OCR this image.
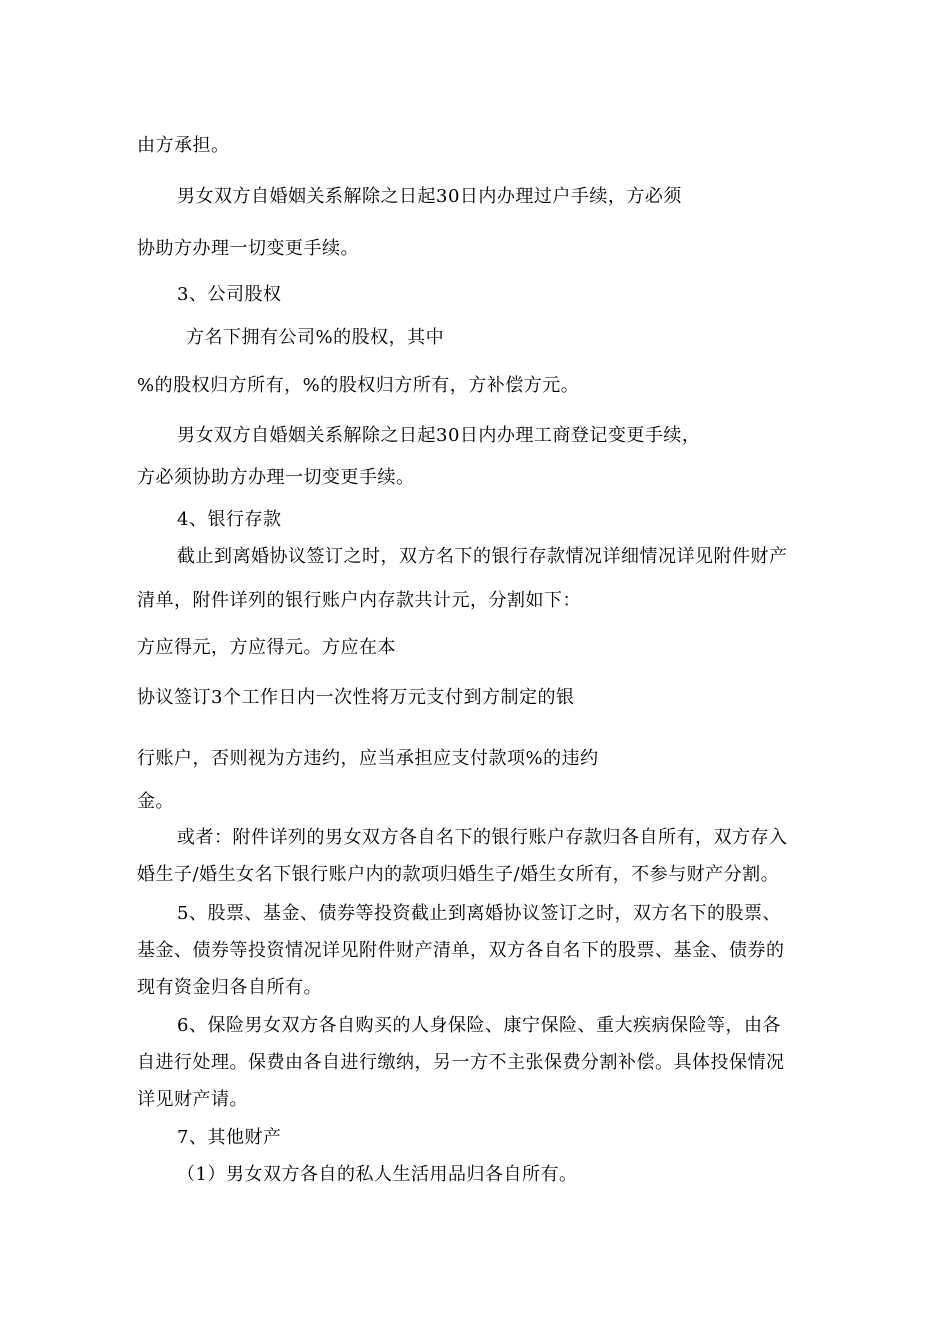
由方承担。
男女双方自婚姻关系解除之日起30日内办理过户手续，方必须
协助方办理一切变更手续。
3、公司股权
方名下拥有公司%的股权，其中
%的股权归方所有，%的股权归方所有，方补偿方元。
男女双方自婚姻关系解除之日起30日内办理工商登记变更手续，
方必须协助方办理一切变更手续。
4、银行存款
截止到离婚协议签订之时，双方名下的银行存款情况详细情况详见附件财产
清单，附件详列的银行账户内存款共计元，分割如下：
方应得元，方应得元。方应在本
协议签订3个工作日内一次性将万元支付到方制定的银
行账户，否则视为方违约，应当承担应支付款项%的违约
金。
或者：附件详列的男女双方各自名下的银行账户存款归各自所有，双方存入
婚生子/婚生女名下银行账户内的款项归婚生子/婚生女所有，不参与财产分割。
5、股票、基金、债券等投资截止到离婚协议签订之时，双方名下的股票、
基金、债券等投资情况详见附件财产清单，双方各自名下的股票、基金、债券的
现有资金归各自所有。
6、保险男女双方各自购买的人身保险、康宁保险、重大疾病保险等，由各
自进行处理。保费由各自进行缴纳，另一方不主张保费分割补偿。具体投保情况
详见财产请。
7、其他财产
（1）男女双方各自的私人生活用品归各自所有。
